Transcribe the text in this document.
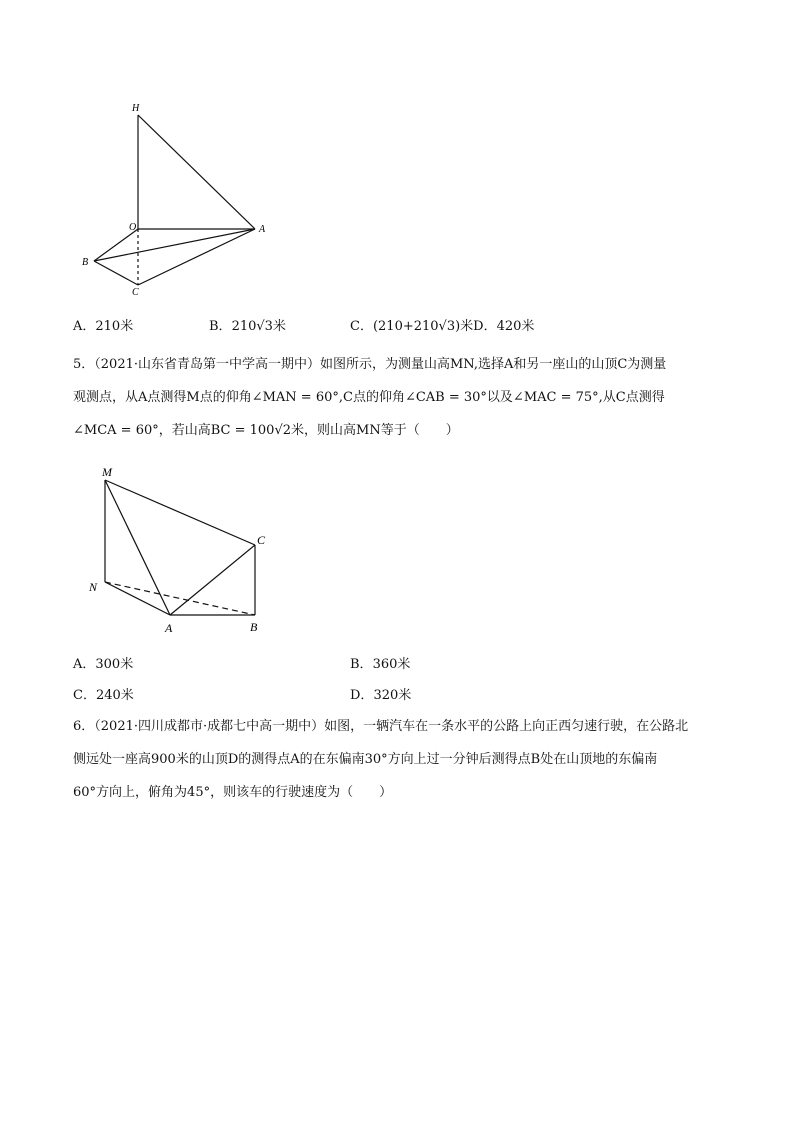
H
O	A
B
C
A．210米	B．210√3米	C．(210+210√3)米D．420米
5．（2021·山东省青岛第一中学高一期中）如图所示，为测量山高MN,选择A和另一座山的山顶C为测量
观测点，从A点测得M点的仰角∠MAN = 60°,C点的仰角∠CAB = 30°以及∠MAC = 75°,从C点测得
∠MCA = 60°，若山高BC = 100√2米，则山高MN等于（　　）
M
N
A	B
C
A．300米	B．360米
C．240米	D．320米
6．（2021·四川成都市·成都七中高一期中）如图，一辆汽车在一条水平的公路上向正西匀速行驶，在公路北
侧远处一座高900米的山顶D的测得点A的在东偏南30°方向上过一分钟后测得点B处在山顶地的东偏南
60°方向上，俯角为45°，则该车的行驶速度为（　　）
